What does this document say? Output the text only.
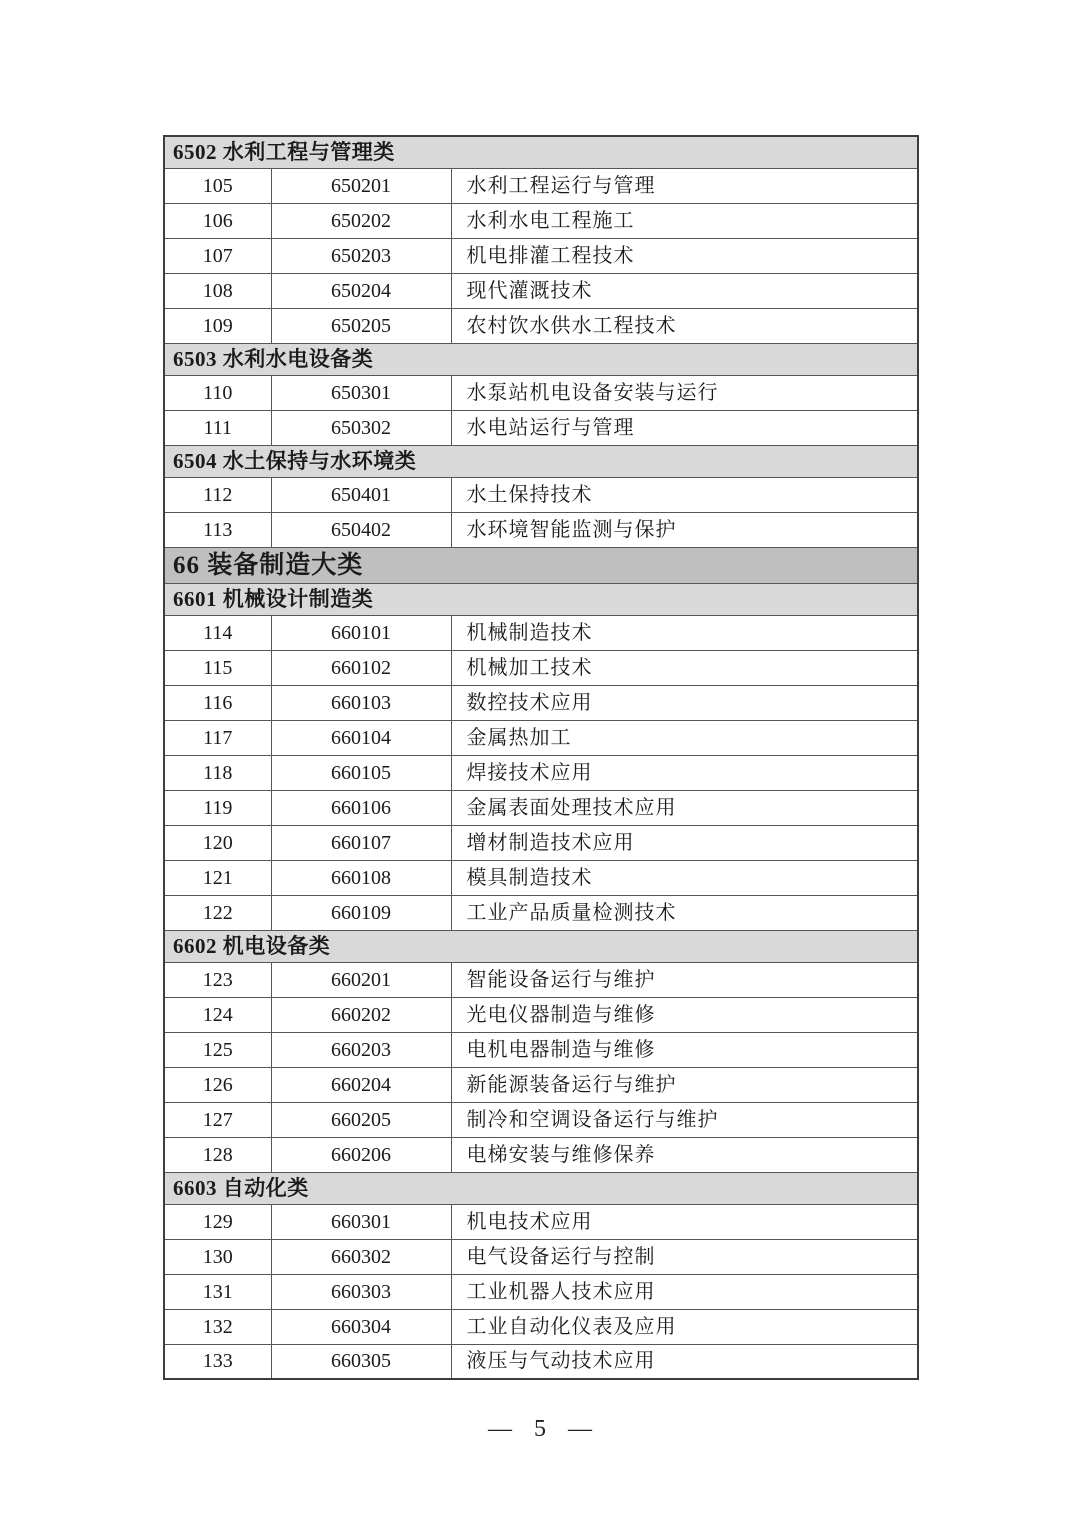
6502 水利工程与管理类		
105	650201	水利工程运行与管理
106	650202	水利水电工程施工
107	650203	机电排灌工程技术
108	650204	现代灌溉技术
109	650205	农村饮水供水工程技术
6503 水利水电设备类		
110	650301	水泵站机电设备安装与运行
111	650302	水电站运行与管理
6504 水土保持与水环境类		
112	650401	水土保持技术
113	650402	水环境智能监测与保护
66 装备制造大类		
6601 机械设计制造类		
114	660101	机械制造技术
115	660102	机械加工技术
116	660103	数控技术应用
117	660104	金属热加工
118	660105	焊接技术应用
119	660106	金属表面处理技术应用
120	660107	增材制造技术应用
121	660108	模具制造技术
122	660109	工业产品质量检测技术
6602 机电设备类		
123	660201	智能设备运行与维护
124	660202	光电仪器制造与维修
125	660203	电机电器制造与维修
126	660204	新能源装备运行与维护
127	660205	制冷和空调设备运行与维护
128	660206	电梯安装与维修保养
6603 自动化类		
129	660301	机电技术应用
130	660302	电气设备运行与控制
131	660303	工业机器人技术应用
132	660304	工业自动化仪表及应用
133	660305	液压与气动技术应用
— 5 —
